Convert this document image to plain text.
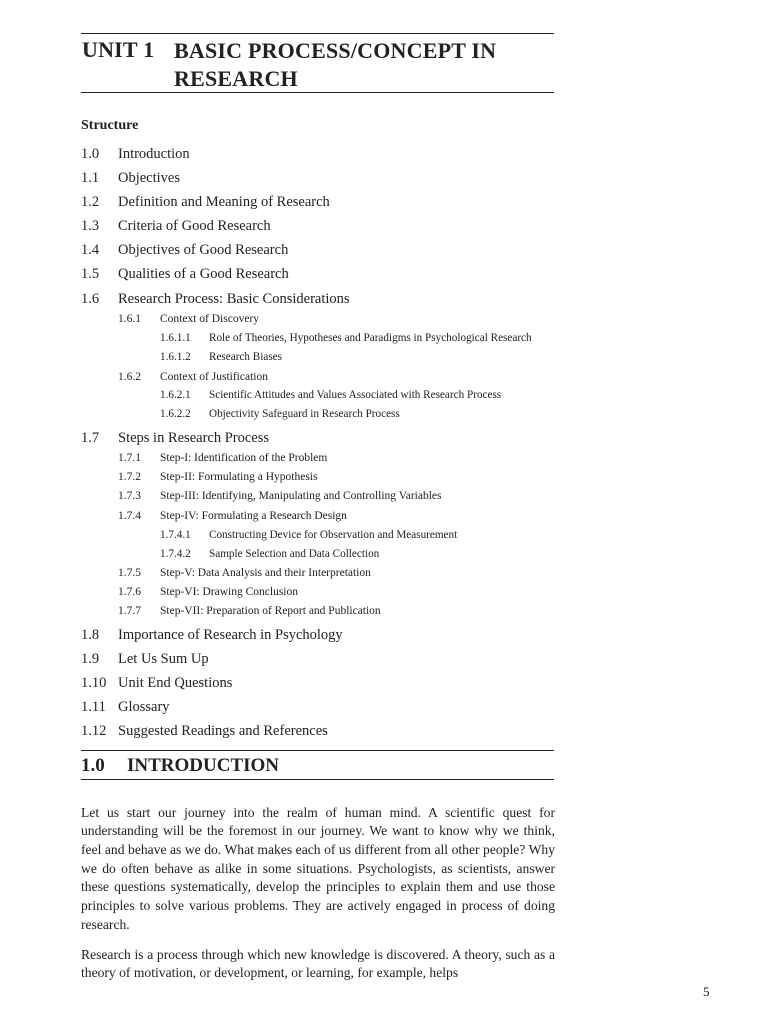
UNIT 1 BASIC PROCESS/CONCEPT IN RESEARCH
Structure
1.0 Introduction
1.1 Objectives
1.2 Definition and Meaning of Research
1.3 Criteria of Good Research
1.4 Objectives of Good Research
1.5 Qualities of a Good Research
1.6 Research Process: Basic Considerations
1.6.1 Context of Discovery
1.6.1.1 Role of Theories, Hypotheses and Paradigms in Psychological Research
1.6.1.2 Research Biases
1.6.2 Context of Justification
1.6.2.1 Scientific Attitudes and Values Associated with Research Process
1.6.2.2 Objectivity Safeguard in Research Process
1.7 Steps in Research Process
1.7.1 Step-I: Identification of the Problem
1.7.2 Step-II: Formulating a Hypothesis
1.7.3 Step-III: Identifying, Manipulating and Controlling Variables
1.7.4 Step-IV: Formulating a Research Design
1.7.4.1 Constructing Device for Observation and Measurement
1.7.4.2 Sample Selection and Data Collection
1.7.5 Step-V: Data Analysis and their Interpretation
1.7.6 Step-VI: Drawing Conclusion
1.7.7 Step-VII: Preparation of Report and Publication
1.8 Importance of Research in Psychology
1.9 Let Us Sum Up
1.10 Unit End Questions
1.11 Glossary
1.12 Suggested Readings and References
1.0 INTRODUCTION

Let us start our journey into the realm of human mind. A scientific quest for understanding will be the foremost in our journey. We want to know why we think, feel and behave as we do. What makes each of us different from all other people? Why we do often behave as alike in some situations. Psychologists, as scientists, answer these questions systematically, develop the principles to explain them and use those principles to solve various problems. They are actively engaged in process of doing research.

Research is a process through which new knowledge is discovered. A theory, such as a theory of motivation, or development, or learning, for example, helps

5
